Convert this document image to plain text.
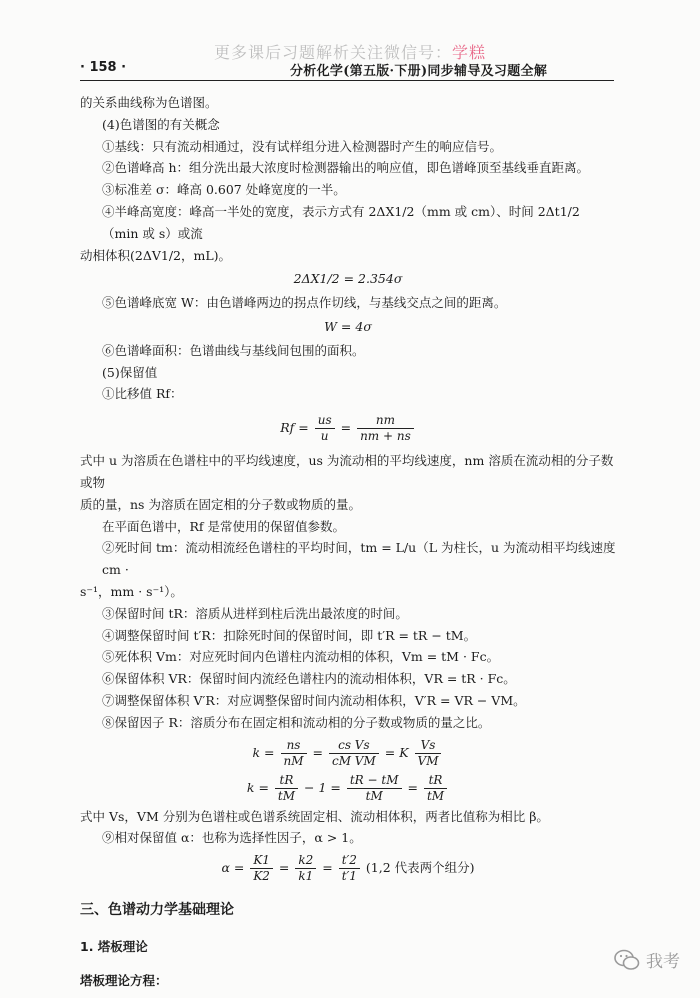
更多课后习题解析关注微信号：学糕
· 158 ·	分析化学(第五版·下册)同步辅导及习题全解

的关系曲线称为色谱图。

(4)色谱图的有关概念

①基线：只有流动相通过，没有试样组分进入检测器时产生的响应信号。

②色谱峰高 h：组分洗出最大浓度时检测器输出的响应值，即色谱峰顶至基线垂直距离。

③标准差 σ：峰高 0.607 处峰宽度的一半。

④半峰高宽度：峰高一半处的宽度，表示方式有 2ΔX1/2（mm 或 cm）、时间 2Δt1/2（min 或 s）或流

动相体积(2ΔV1/2，mL)。

2ΔX1/2 = 2.354σ

⑤色谱峰底宽 W：由色谱峰两边的拐点作切线，与基线交点之间的距离。

W = 4σ

⑥色谱峰面积：色谱曲线与基线间包围的面积。

(5)保留值

①比移值 Rf：

$Rf = \frac{us}{u} = \frac{nm}{nm + ns}$

式中 u 为溶质在色谱柱中的平均线速度，us 为流动相的平均线速度，nm 溶质在流动相的分子数或物

质的量，ns 为溶质在固定相的分子数或物质的量。

在平面色谱中，Rf 是常使用的保留值参数。

②死时间 tm：流动相流经色谱柱的平均时间，tm = L/u（L 为柱长，u 为流动相平均线速度 cm ·

s⁻¹，mm · s⁻¹）。

③保留时间 tR：溶质从进样到柱后洗出最浓度的时间。

④调整保留时间 t′R：扣除死时间的保留时间，即 t′R = tR − tM。

⑤死体积 Vm：对应死时间内色谱柱内流动相的体积，Vm = tM · Fc。

⑥保留体积 VR：保留时间内流经色谱柱内的流动相体积，VR = tR · Fc。

⑦调整保留体积 V′R：对应调整保留时间内流动相体积，V′R = VR − VM。

⑧保留因子 R：溶质分布在固定相和流动相的分子数或物质的量之比。

$k = \frac{ns}{nM} = \frac{\text{cs Vs}}{\text{cM VM}} = K \frac{Vs}{VM}$
$k = \frac{tR}{tM} - 1 = \frac{tR - tM}{tM} = \frac{tR}{tM}$

式中 Vs，VM 分别为色谱柱或色谱系统固定相、流动相体积，两者比值称为相比 β。

⑨相对保留值 α：也称为选择性因子，α > 1。

$\alpha = \frac{K1}{K2} = \frac{k2}{k1} = \frac{t'2}{t'1} (1,2$ 代表两个组分)

三、色谱动力学基础理论

1. 塔板理论

塔板理论方程：

我考
